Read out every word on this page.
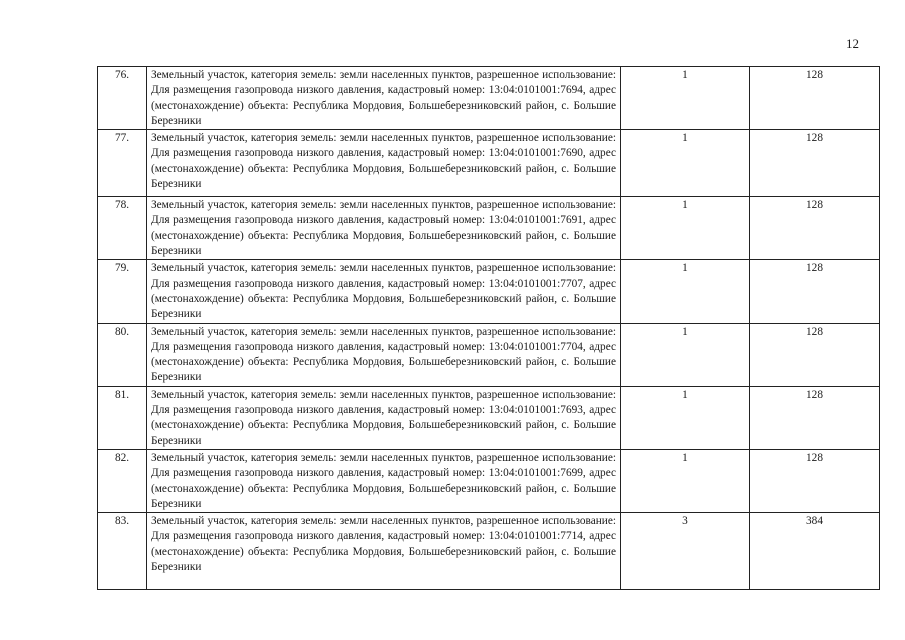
12
76.	Земельный участок, категория земель: земли населенных пунктов, разрешенное использование: Для размещения газопровода низкого давления, кадастровый номер: 13:04:0101001:7694, адрес (местонахождение) объекта: Республика Мордовия, Большеберезниковский район, с. Большие Березники	1	128
77.	Земельный участок, категория земель: земли населенных пунктов, разрешенное использование: Для размещения газопровода низкого давления, кадастровый номер: 13:04:0101001:7690, адрес (местонахождение) объекта: Республика Мордовия, Большеберезниковский район, с. Большие Березники	1	128
78.	Земельный участок, категория земель: земли населенных пунктов, разрешенное использование: Для размещения газопровода низкого давления, кадастровый номер: 13:04:0101001:7691, адрес (местонахождение) объекта: Республика Мордовия, Большеберезниковский район, с. Большие Березники	1	128
79.	Земельный участок, категория земель: земли населенных пунктов, разрешенное использование: Для размещения газопровода низкого давления, кадастровый номер: 13:04:0101001:7707, адрес (местонахождение) объекта: Республика Мордовия, Большеберезниковский район, с. Большие Березники	1	128
80.	Земельный участок, категория земель: земли населенных пунктов, разрешенное использование: Для размещения газопровода низкого давления, кадастровый номер: 13:04:0101001:7704, адрес (местонахождение) объекта: Республика Мордовия, Большеберезниковский район, с. Большие Березники	1	128
81.	Земельный участок, категория земель: земли населенных пунктов, разрешенное использование: Для размещения газопровода низкого давления, кадастровый номер: 13:04:0101001:7693, адрес (местонахождение) объекта: Республика Мордовия, Большеберезниковский район, с. Большие Березники	1	128
82.	Земельный участок, категория земель: земли населенных пунктов, разрешенное использование: Для размещения газопровода низкого давления, кадастровый номер: 13:04:0101001:7699, адрес (местонахождение) объекта: Республика Мордовия, Большеберезниковский район, с. Большие Березники	1	128
83.	Земельный участок, категория земель: земли населенных пунктов, разрешенное использование: Для размещения газопровода низкого давления, кадастровый номер: 13:04:0101001:7714, адрес (местонахождение) объекта: Республика Мордовия, Большеберезниковский район, с. Большие Березники	3	384
